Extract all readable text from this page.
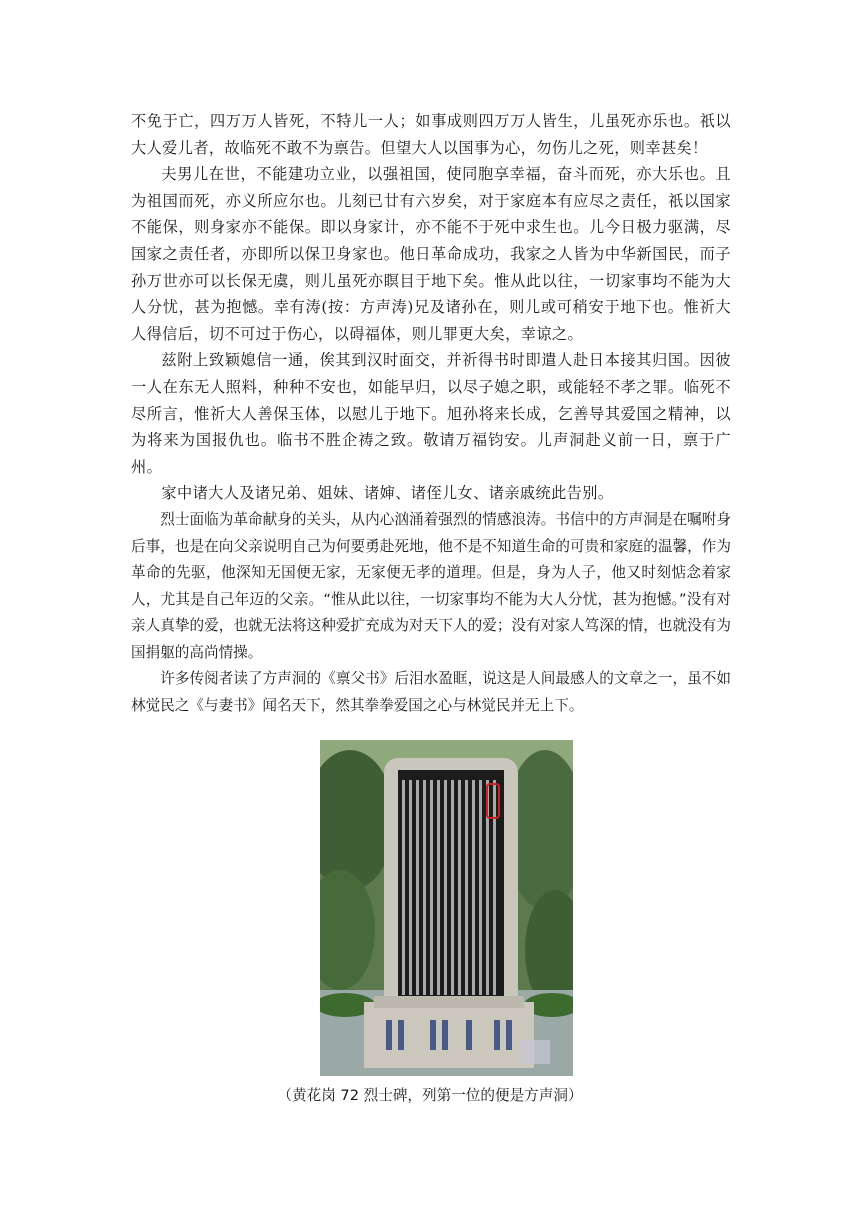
不免于亡，四万万人皆死，不特儿一人；如事成则四万万人皆生，儿虽死亦乐也。祇以大人爱儿者，故临死不敢不为禀告。但望大人以国事为心，勿伤儿之死，则幸甚矣！

夫男儿在世，不能建功立业，以强祖国，使同胞享幸福，奋斗而死，亦大乐也。且为祖国而死，亦义所应尔也。儿刻已廿有六岁矣，对于家庭本有应尽之责任，祇以国家不能保，则身家亦不能保。即以身家计，亦不能不于死中求生也。儿今日极力驱满，尽国家之责任者，亦即所以保卫身家也。他日革命成功，我家之人皆为中华新国民，而子孙万世亦可以长保无虞，则儿虽死亦瞑目于地下矣。惟从此以往，一切家事均不能为大人分忧，甚为抱憾。幸有涛(按：方声涛)兄及诸孙在，则儿或可稍安于地下也。惟祈大人得信后，切不可过于伤心，以碍福体，则儿罪更大矣，幸谅之。

兹附上致颖媳信一通，俟其到汉时面交，并祈得书时即遣人赴日本接其归国。因彼一人在东无人照料，种种不安也，如能早归，以尽子媳之职，或能轻不孝之罪。临死不尽所言，惟祈大人善保玉体，以慰儿于地下。旭孙将来长成，乞善导其爱国之精神，以为将来为国报仇也。临书不胜企祷之致。敬请万福钧安。儿声洞赴义前一日，禀于广州。

家中诸大人及诸兄弟、姐妹、诸婶、诸侄儿女、诸亲戚统此告别。

烈士面临为革命献身的关头，从内心汹涌着强烈的情感浪涛。书信中的方声洞是在嘱咐身后事，也是在向父亲说明自己为何要勇赴死地，他不是不知道生命的可贵和家庭的温馨，作为革命的先驱，他深知无国便无家，无家便无孝的道理。但是，身为人子，他又时刻惦念着家人，尤其是自己年迈的父亲。“惟从此以往，一切家事均不能为大人分忧，甚为抱憾。”没有对亲人真挚的爱，也就无法将这种爱扩充成为对天下人的爱；没有对家人笃深的情，也就没有为国捐躯的高尚情操。

许多传阅者读了方声洞的《禀父书》后泪水盈眶，说这是人间最感人的文章之一，虽不如林觉民之《与妻书》闻名天下，然其拳拳爱国之心与林觉民并无上下。

（黄花岗 72 烈士碑，列第一位的便是方声洞）
